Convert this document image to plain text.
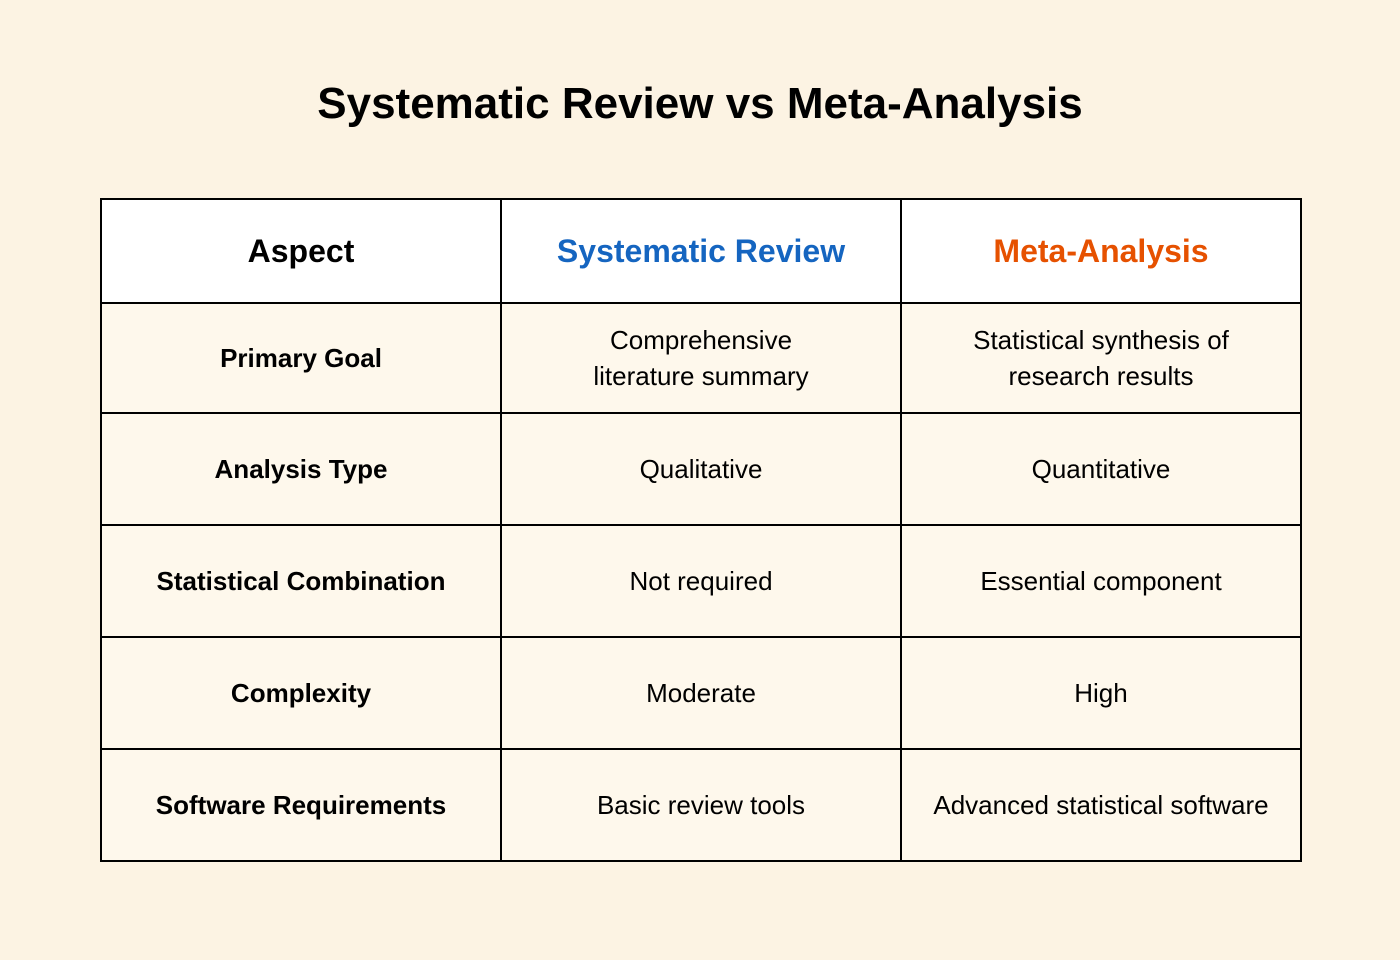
Systematic Review vs Meta-Analysis
Aspect	Systematic Review	Meta-Analysis
Primary Goal	Comprehensive literature summary	Statistical synthesis of research results
Analysis Type	Qualitative	Quantitative
Statistical Combination	Not required	Essential component
Complexity	Moderate	High
Software Requirements	Basic review tools	Advanced statistical software
